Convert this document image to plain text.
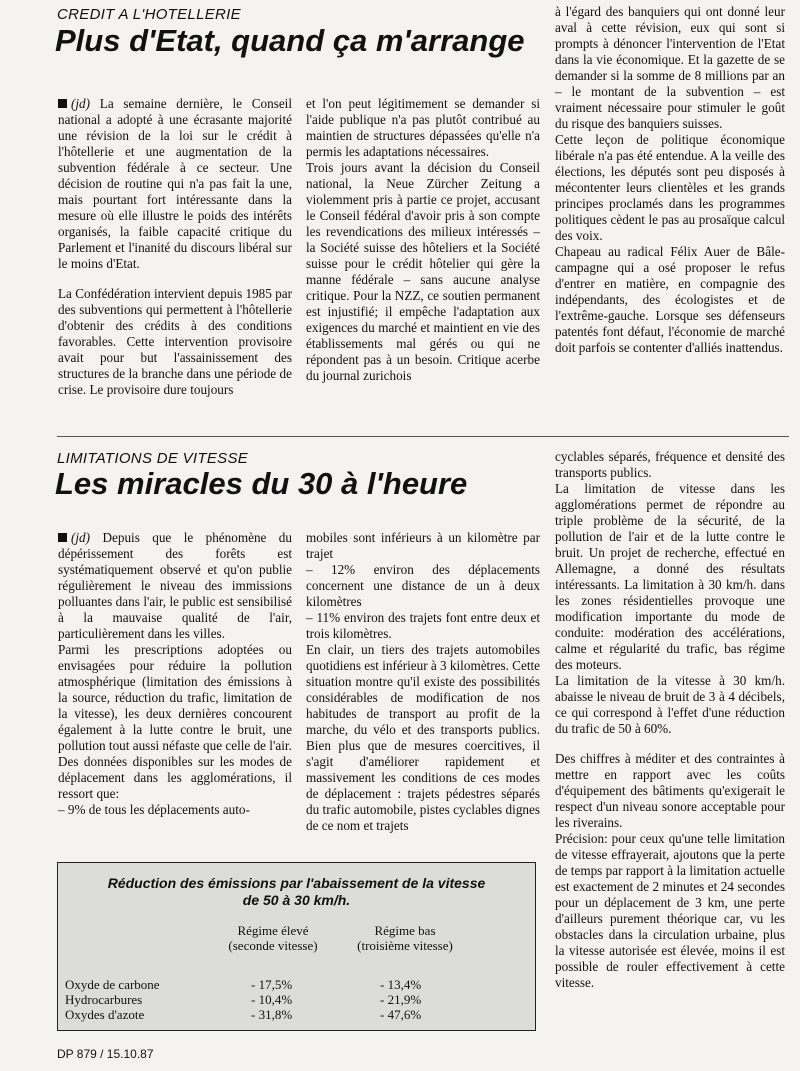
CREDIT A L'HOTELLERIE
Plus d'Etat, quand ça m'arrange

(jd) La semaine dernière, le Conseil national a adopté à une écrasante majorité une révision de la loi sur le crédit à l'hôtellerie et une augmentation de la subvention fédérale à ce secteur. Une décision de routine qui n'a pas fait la une, mais pourtant fort intéressante dans la mesure où elle illustre le poids des intérêts organisés, la faible capacité critique du Parlement et l'inanité du discours libéral sur le moins d'Etat.

La Confédération intervient depuis 1985 par des subventions qui permettent à l'hôtellerie d'obtenir des crédits à des conditions favorables. Cette intervention provisoire avait pour but l'assainissement des structures de la branche dans une période de crise. Le provisoire dure toujours

et l'on peut légitimement se demander si l'aide publique n'a pas plutôt contribué au maintien de structures dépassées qu'elle n'a permis les adaptations nécessaires.

Trois jours avant la décision du Conseil national, la Neue Zürcher Zeitung a violemment pris à partie ce projet, accusant le Conseil fédéral d'avoir pris à son compte les revendications des milieux intéressés – la Société suisse des hôteliers et la Société suisse pour le crédit hôtelier qui gère la manne fédérale – sans aucune analyse critique. Pour la NZZ, ce soutien permanent est injustifié; il empêche l'adaptation aux exigences du marché et maintient en vie des établissements mal gérés ou qui ne répondent pas à un besoin. Critique acerbe du journal zurichois

à l'égard des banquiers qui ont donné leur aval à cette révision, eux qui sont si prompts à dénoncer l'intervention de l'Etat dans la vie économique. Et la gazette de se demander si la somme de 8 millions par an – le montant de la subvention – est vraiment nécessaire pour stimuler le goût du risque des banquiers suisses.

Cette leçon de politique économique libérale n'a pas été entendue. A la veille des élections, les députés sont peu disposés à mécontenter leurs clientèles et les grands principes proclamés dans les programmes politiques cèdent le pas au prosaïque calcul des voix.

Chapeau au radical Félix Auer de Bâle-campagne qui a osé proposer le refus d'entrer en matière, en compagnie des indépendants, des écologistes et de l'extrême-gauche. Lorsque ses défenseurs patentés font défaut, l'économie de marché doit parfois se contenter d'alliés inattendus.

LIMITATIONS DE VITESSE
Les miracles du 30 à l'heure

(jd) Depuis que le phénomène du dépérissement des forêts est systématiquement observé et qu'on publie régulièrement le niveau des immissions polluantes dans l'air, le public est sensibilisé à la mauvaise qualité de l'air, particulièrement dans les villes.

Parmi les prescriptions adoptées ou envisagées pour réduire la pollution atmosphérique (limitation des émissions à la source, réduction du trafic, limitation de la vitesse), les deux dernières concourent également à la lutte contre le bruit, une pollution tout aussi néfaste que celle de l'air.

Des données disponibles sur les modes de déplacement dans les agglomérations, il ressort que:

– 9% de tous les déplacements auto-

mobiles sont inférieurs à un kilomètre par trajet

– 12% environ des déplacements concernent une distance de un à deux kilomètres

– 11% environ des trajets font entre deux et trois kilomètres.

En clair, un tiers des trajets automobiles quotidiens est inférieur à 3 kilomètres. Cette situation montre qu'il existe des possibilités considérables de modification de nos habitudes de transport au profit de la marche, du vélo et des transports publics. Bien plus que de mesures coercitives, il s'agit d'améliorer rapidement et massivement les conditions de ces modes de déplacement : trajets pédestres séparés du trafic automobile, pistes cyclables dignes de ce nom et trajets

cyclables séparés, fréquence et densité des transports publics.

La limitation de vitesse dans les agglomérations permet de répondre au triple problème de la sécurité, de la pollution de l'air et de la lutte contre le bruit. Un projet de recherche, effectué en Allemagne, a donné des résultats intéressants. La limitation à 30 km/h. dans les zones résidentielles provoque une modification importante du mode de conduite: modération des accélérations, calme et régularité du trafic, bas régime des moteurs.

La limitation de la vitesse à 30 km/h. abaisse le niveau de bruit de 3 à 4 décibels, ce qui correspond à l'effet d'une réduction du trafic de 50 à 60%.

Des chiffres à méditer et des contraintes à mettre en rapport avec les coûts d'équipement des bâtiments qu'exigerait le respect d'un niveau sonore acceptable pour les riverains.

Précision: pour ceux qu'une telle limitation de vitesse effrayerait, ajoutons que la perte de temps par rapport à la limitation actuelle est exactement de 2 minutes et 24 secondes pour un déplacement de 3 km, une perte d'ailleurs purement théorique car, vu les obstacles dans la circulation urbaine, plus la vitesse autorisée est élevée, moins il est possible de rouler effectivement à cette vitesse.

Réduction des émissions par l'abaissement de la vitesse
de 50 à 30 km/h.
Régime élevé
(seconde vitesse)
Régime bas
(troisième vitesse)
Oxyde de carbone	- 17,5%	- 13,4%
Hydrocarbures	- 10,4%	- 21,9%
Oxydes d'azote	- 31,8%	- 47,6%
DP 879 / 15.10.87
